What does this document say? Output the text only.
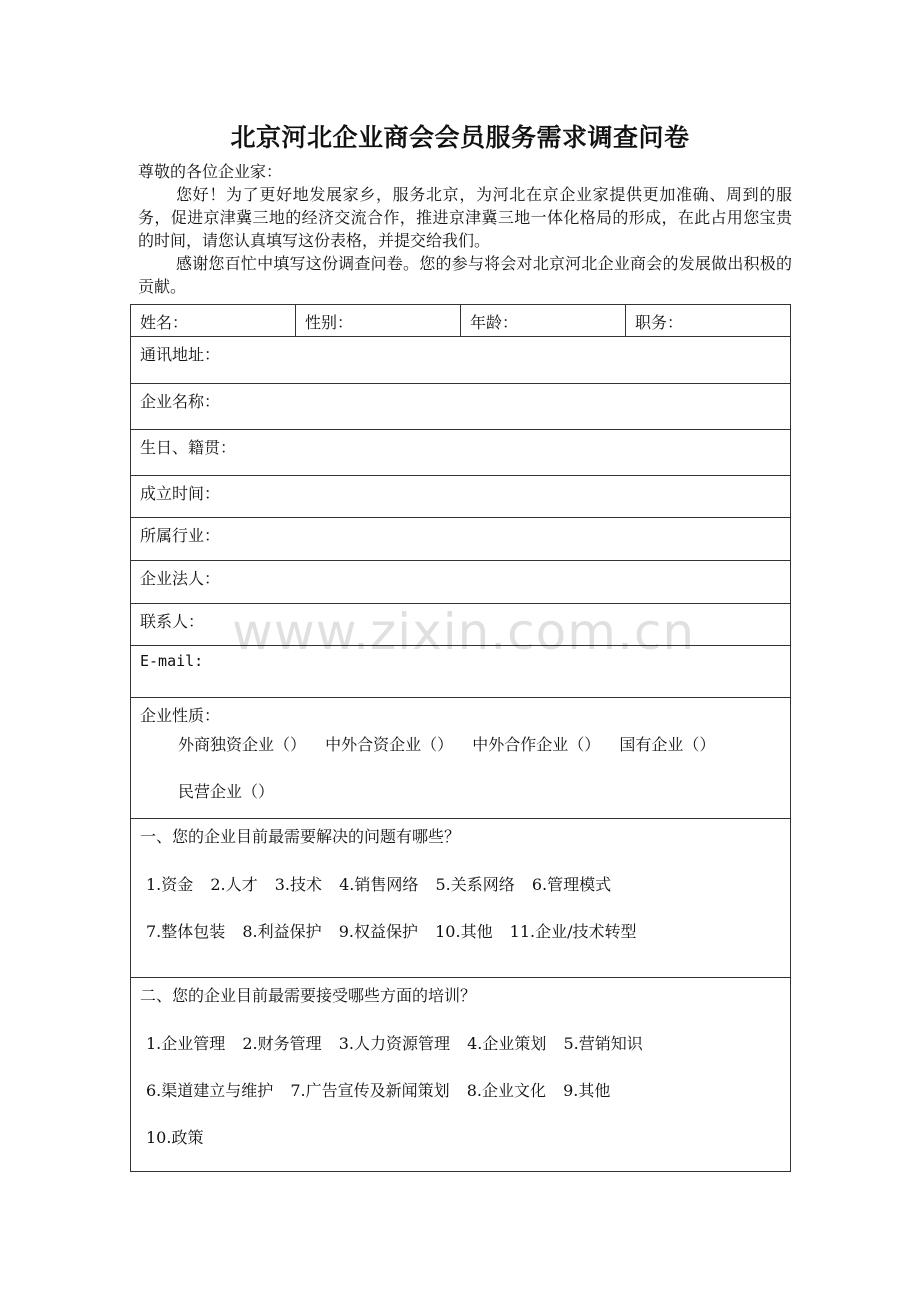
北京河北企业商会会员服务需求调查问卷

尊敬的各位企业家：

您好！为了更好地发展家乡，服务北京，为河北在京企业家提供更加准确、周到的服务，促进京津冀三地的经济交流合作，推进京津冀三地一体化格局的形成，在此占用您宝贵的时间，请您认真填写这份表格，并提交给我们。

感谢您百忙中填写这份调查问卷。您的参与将会对北京河北企业商会的发展做出积极的贡献。

姓名：	性别：	年龄：	职务：
通讯地址：
企业名称：
生日、籍贯：
成立时间：
所属行业：
企业法人：
联系人：
E-mail:

企业性质：
外商独资企业（） 中外合资企业（） 中外合作企业（） 国有企业（）
民营企业（）

一、您的企业目前最需要解决的问题有哪些？
1.资金 2.人才 3.技术 4.销售网络 5.关系网络 6.管理模式
7.整体包装 8.利益保护 9.权益保护 10.其他 11.企业/技术转型

二、您的企业目前最需要接受哪些方面的培训？
1.企业管理 2.财务管理 3.人力资源管理 4.企业策划 5.营销知识
6.渠道建立与维护 7.广告宣传及新闻策划 8.企业文化 9.其他
10.政策
www.zixin.com.cn
